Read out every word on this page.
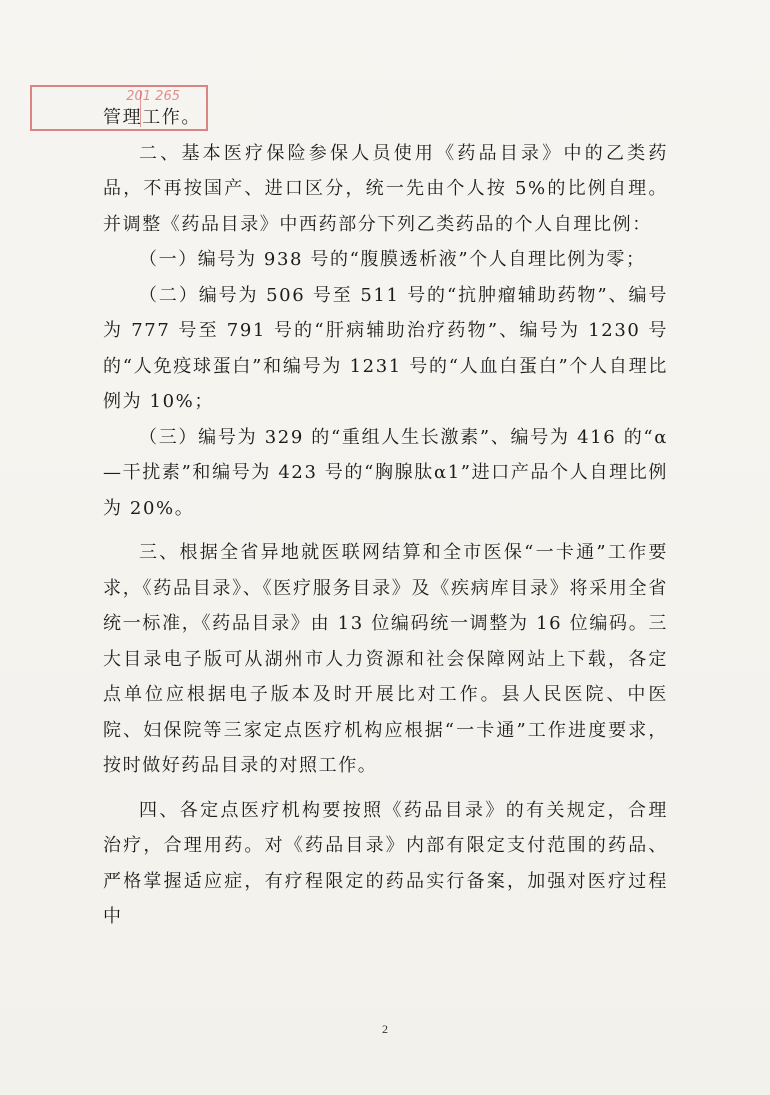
201 265

管理工作。

二、基本医疗保险参保人员使用《药品目录》中的乙类药品，不再按国产、进口区分，统一先由个人按 5%的比例自理。并调整《药品目录》中西药部分下列乙类药品的个人自理比例：

（一）编号为 938 号的“腹膜透析液”个人自理比例为零；

（二）编号为 506 号至 511 号的“抗肿瘤辅助药物”、编号为 777 号至 791 号的“肝病辅助治疗药物”、编号为 1230 号的“人免疫球蛋白”和编号为 1231 号的“人血白蛋白”个人自理比例为 10%；

（三）编号为 329 的“重组人生长激素”、编号为 416 的“α—干扰素”和编号为 423 号的“胸腺肽α1”进口产品个人自理比例为 20%。

三、根据全省异地就医联网结算和全市医保“一卡通”工作要求，《药品目录》、《医疗服务目录》及《疾病库目录》将采用全省统一标准，《药品目录》由 13 位编码统一调整为 16 位编码。三大目录电子版可从湖州市人力资源和社会保障网站上下载，各定点单位应根据电子版本及时开展比对工作。县人民医院、中医院、妇保院等三家定点医疗机构应根据“一卡通”工作进度要求，按时做好药品目录的对照工作。

四、各定点医疗机构要按照《药品目录》的有关规定，合理治疗，合理用药。对《药品目录》内部有限定支付范围的药品、严格掌握适应症，有疗程限定的药品实行备案，加强对医疗过程中

2
